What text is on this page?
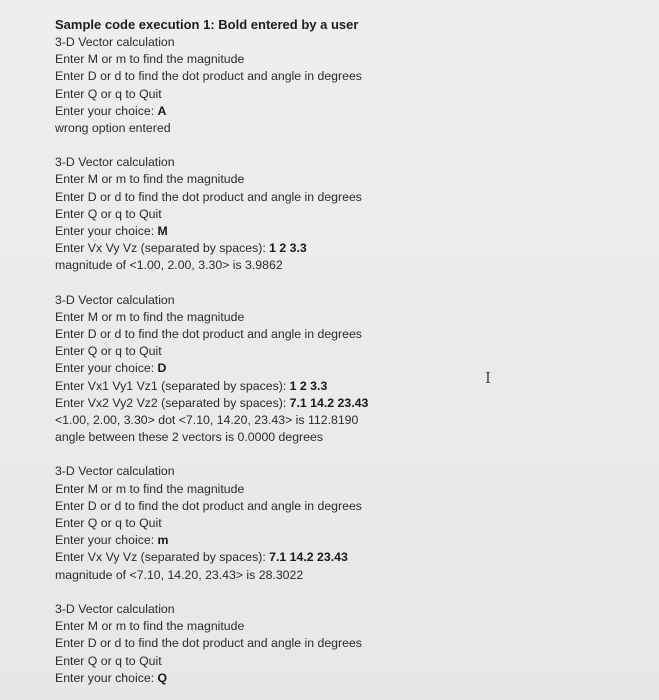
Sample code execution 1: Bold entered by a user
3-D Vector calculation
Enter M or m to find the magnitude
Enter D or d to find the dot product and angle in degrees
Enter Q or q to Quit
Enter your choice: A
wrong option entered
3-D Vector calculation
Enter M or m to find the magnitude
Enter D or d to find the dot product and angle in degrees
Enter Q or q to Quit
Enter your choice: M
Enter Vx Vy Vz (separated by spaces): 1 2 3.3
magnitude of <1.00, 2.00, 3.30> is 3.9862
3-D Vector calculation
Enter M or m to find the magnitude
Enter D or d to find the dot product and angle in degrees
Enter Q or q to Quit
Enter your choice: D
Enter Vx1 Vy1 Vz1 (separated by spaces): 1 2 3.3
Enter Vx2 Vy2 Vz2 (separated by spaces): 7.1 14.2 23.43
<1.00, 2.00, 3.30> dot <7.10, 14.20, 23.43> is 112.8190
angle between these 2 vectors is 0.0000 degrees
3-D Vector calculation
Enter M or m to find the magnitude
Enter D or d to find the dot product and angle in degrees
Enter Q or q to Quit
Enter your choice: m
Enter Vx Vy Vz (separated by spaces): 7.1 14.2 23.43
magnitude of <7.10, 14.20, 23.43> is 28.3022
3-D Vector calculation
Enter M or m to find the magnitude
Enter D or d to find the dot product and angle in degrees
Enter Q or q to Quit
Enter your choice: Q
I
